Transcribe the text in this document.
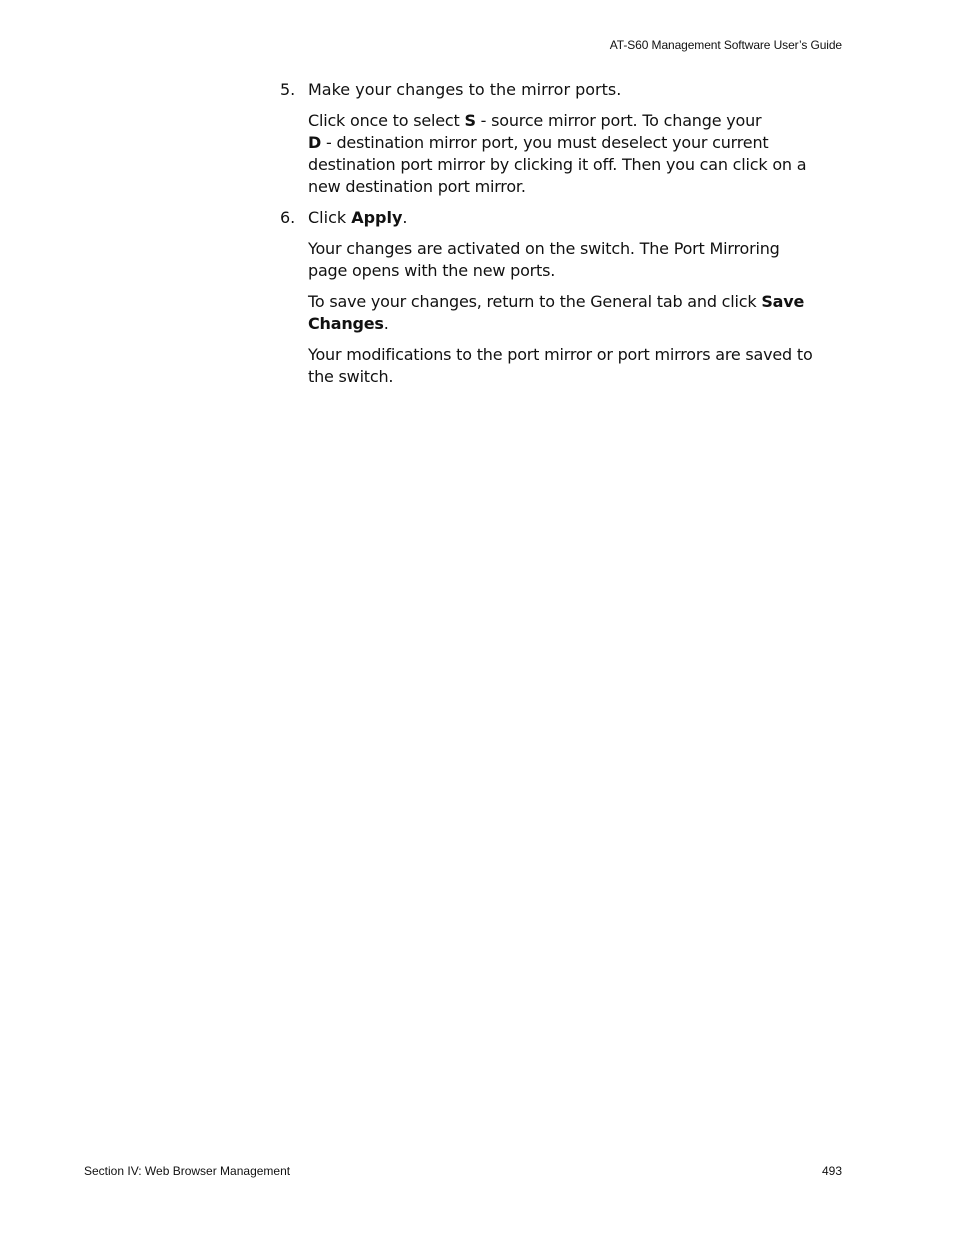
AT-S60 Management Software User’s Guide
5. Make your changes to the mirror ports.
Click once to select S - source mirror port. To change your
D - destination mirror port, you must deselect your current destination port mirror by clicking it off. Then you can click on a new destination port mirror.
6. Click Apply.
Your changes are activated on the switch. The Port Mirroring page opens with the new ports.
To save your changes, return to the General tab and click Save Changes.
Your modifications to the port mirror or port mirrors are saved to the switch.
Section IV: Web Browser Management	493
